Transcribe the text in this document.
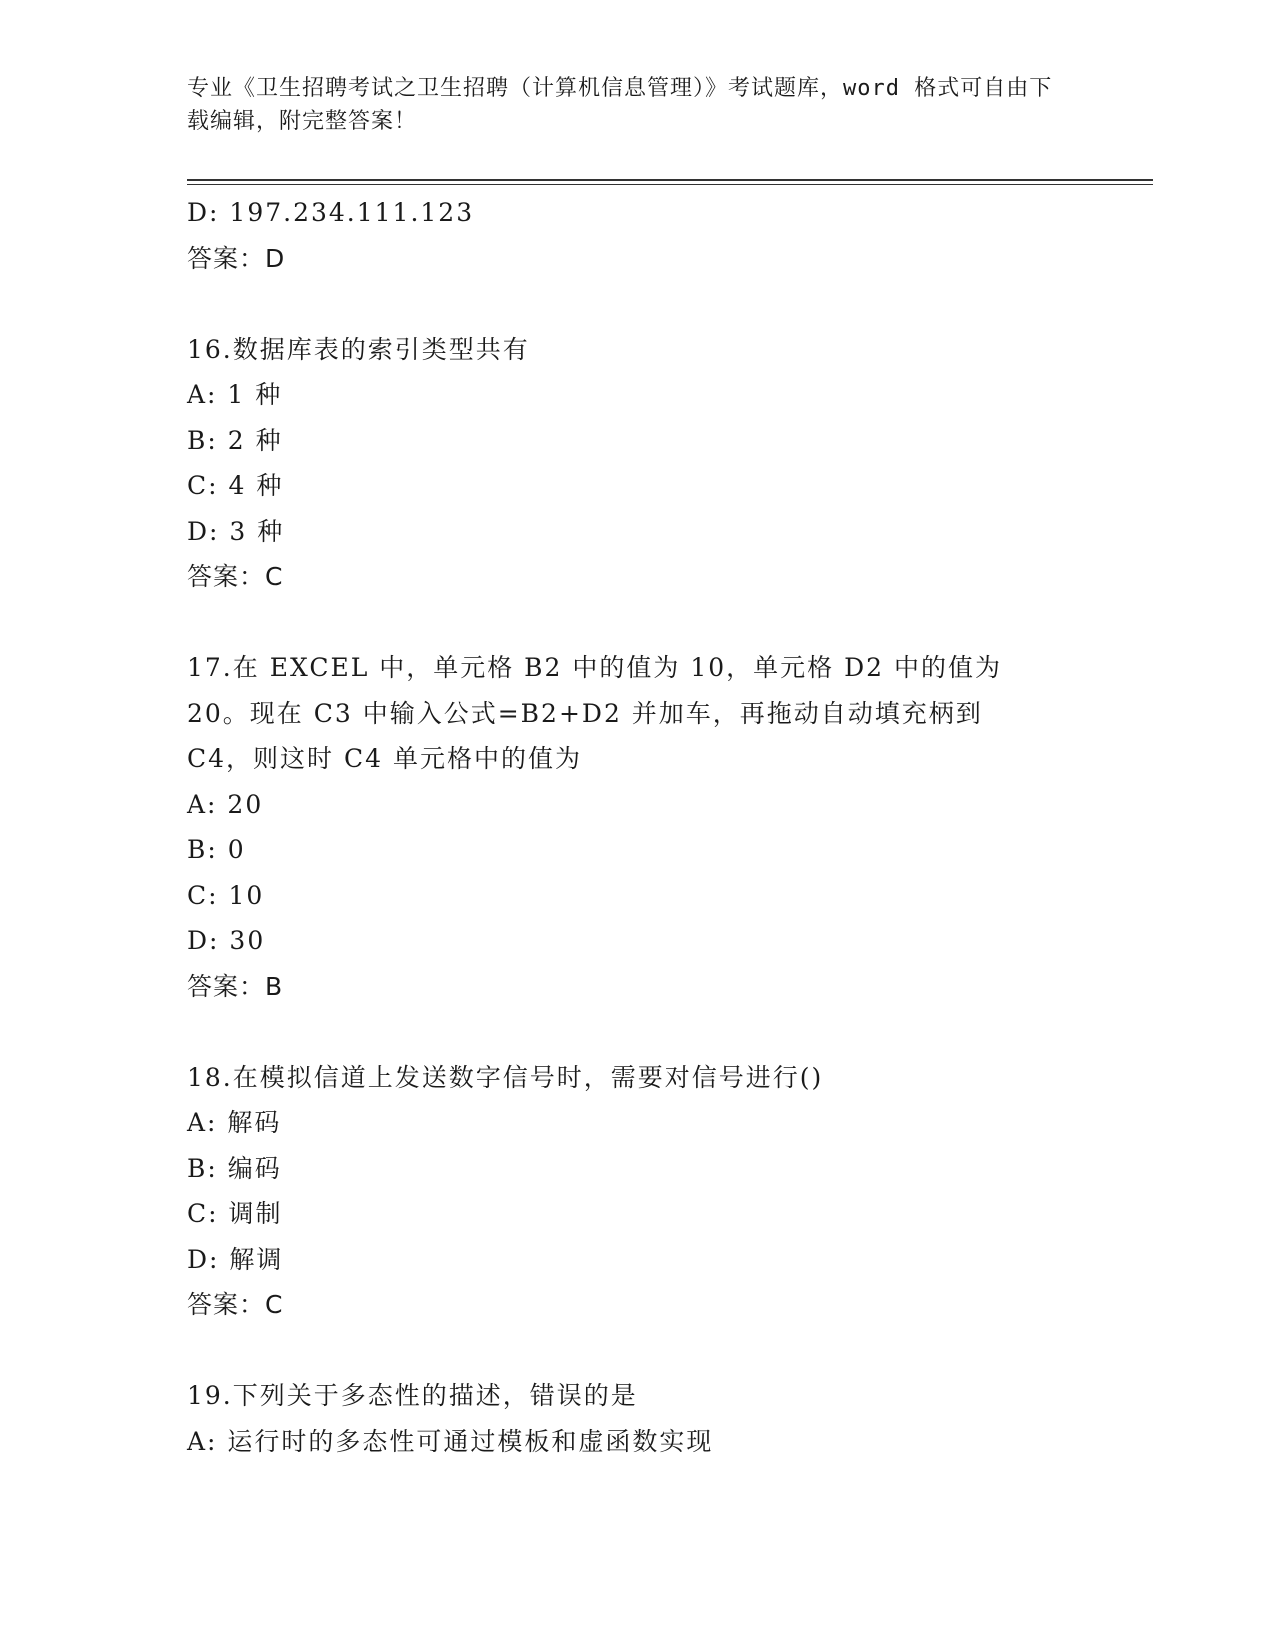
专业《卫生招聘考试之卫生招聘（计算机信息管理）》考试题库，word 格式可自由下载编辑，附完整答案！
D: 197.234.111.123
答案：D
16.数据库表的索引类型共有
A: 1 种
B: 2 种
C: 4 种
D: 3 种
答案：C
17.在 EXCEL 中，单元格 B2 中的值为 10，单元格 D2 中的值为 20。现在 C3 中输入公式=B2+D2 并加车，再拖动自动填充柄到 C4，则这时 C4 单元格中的值为
A: 20
B: 0
C: 10
D: 30
答案：B
18.在模拟信道上发送数字信号时，需要对信号进行()
A: 解码
B: 编码
C: 调制
D: 解调
答案：C
19.下列关于多态性的描述，错误的是
A: 运行时的多态性可通过模板和虚函数实现
